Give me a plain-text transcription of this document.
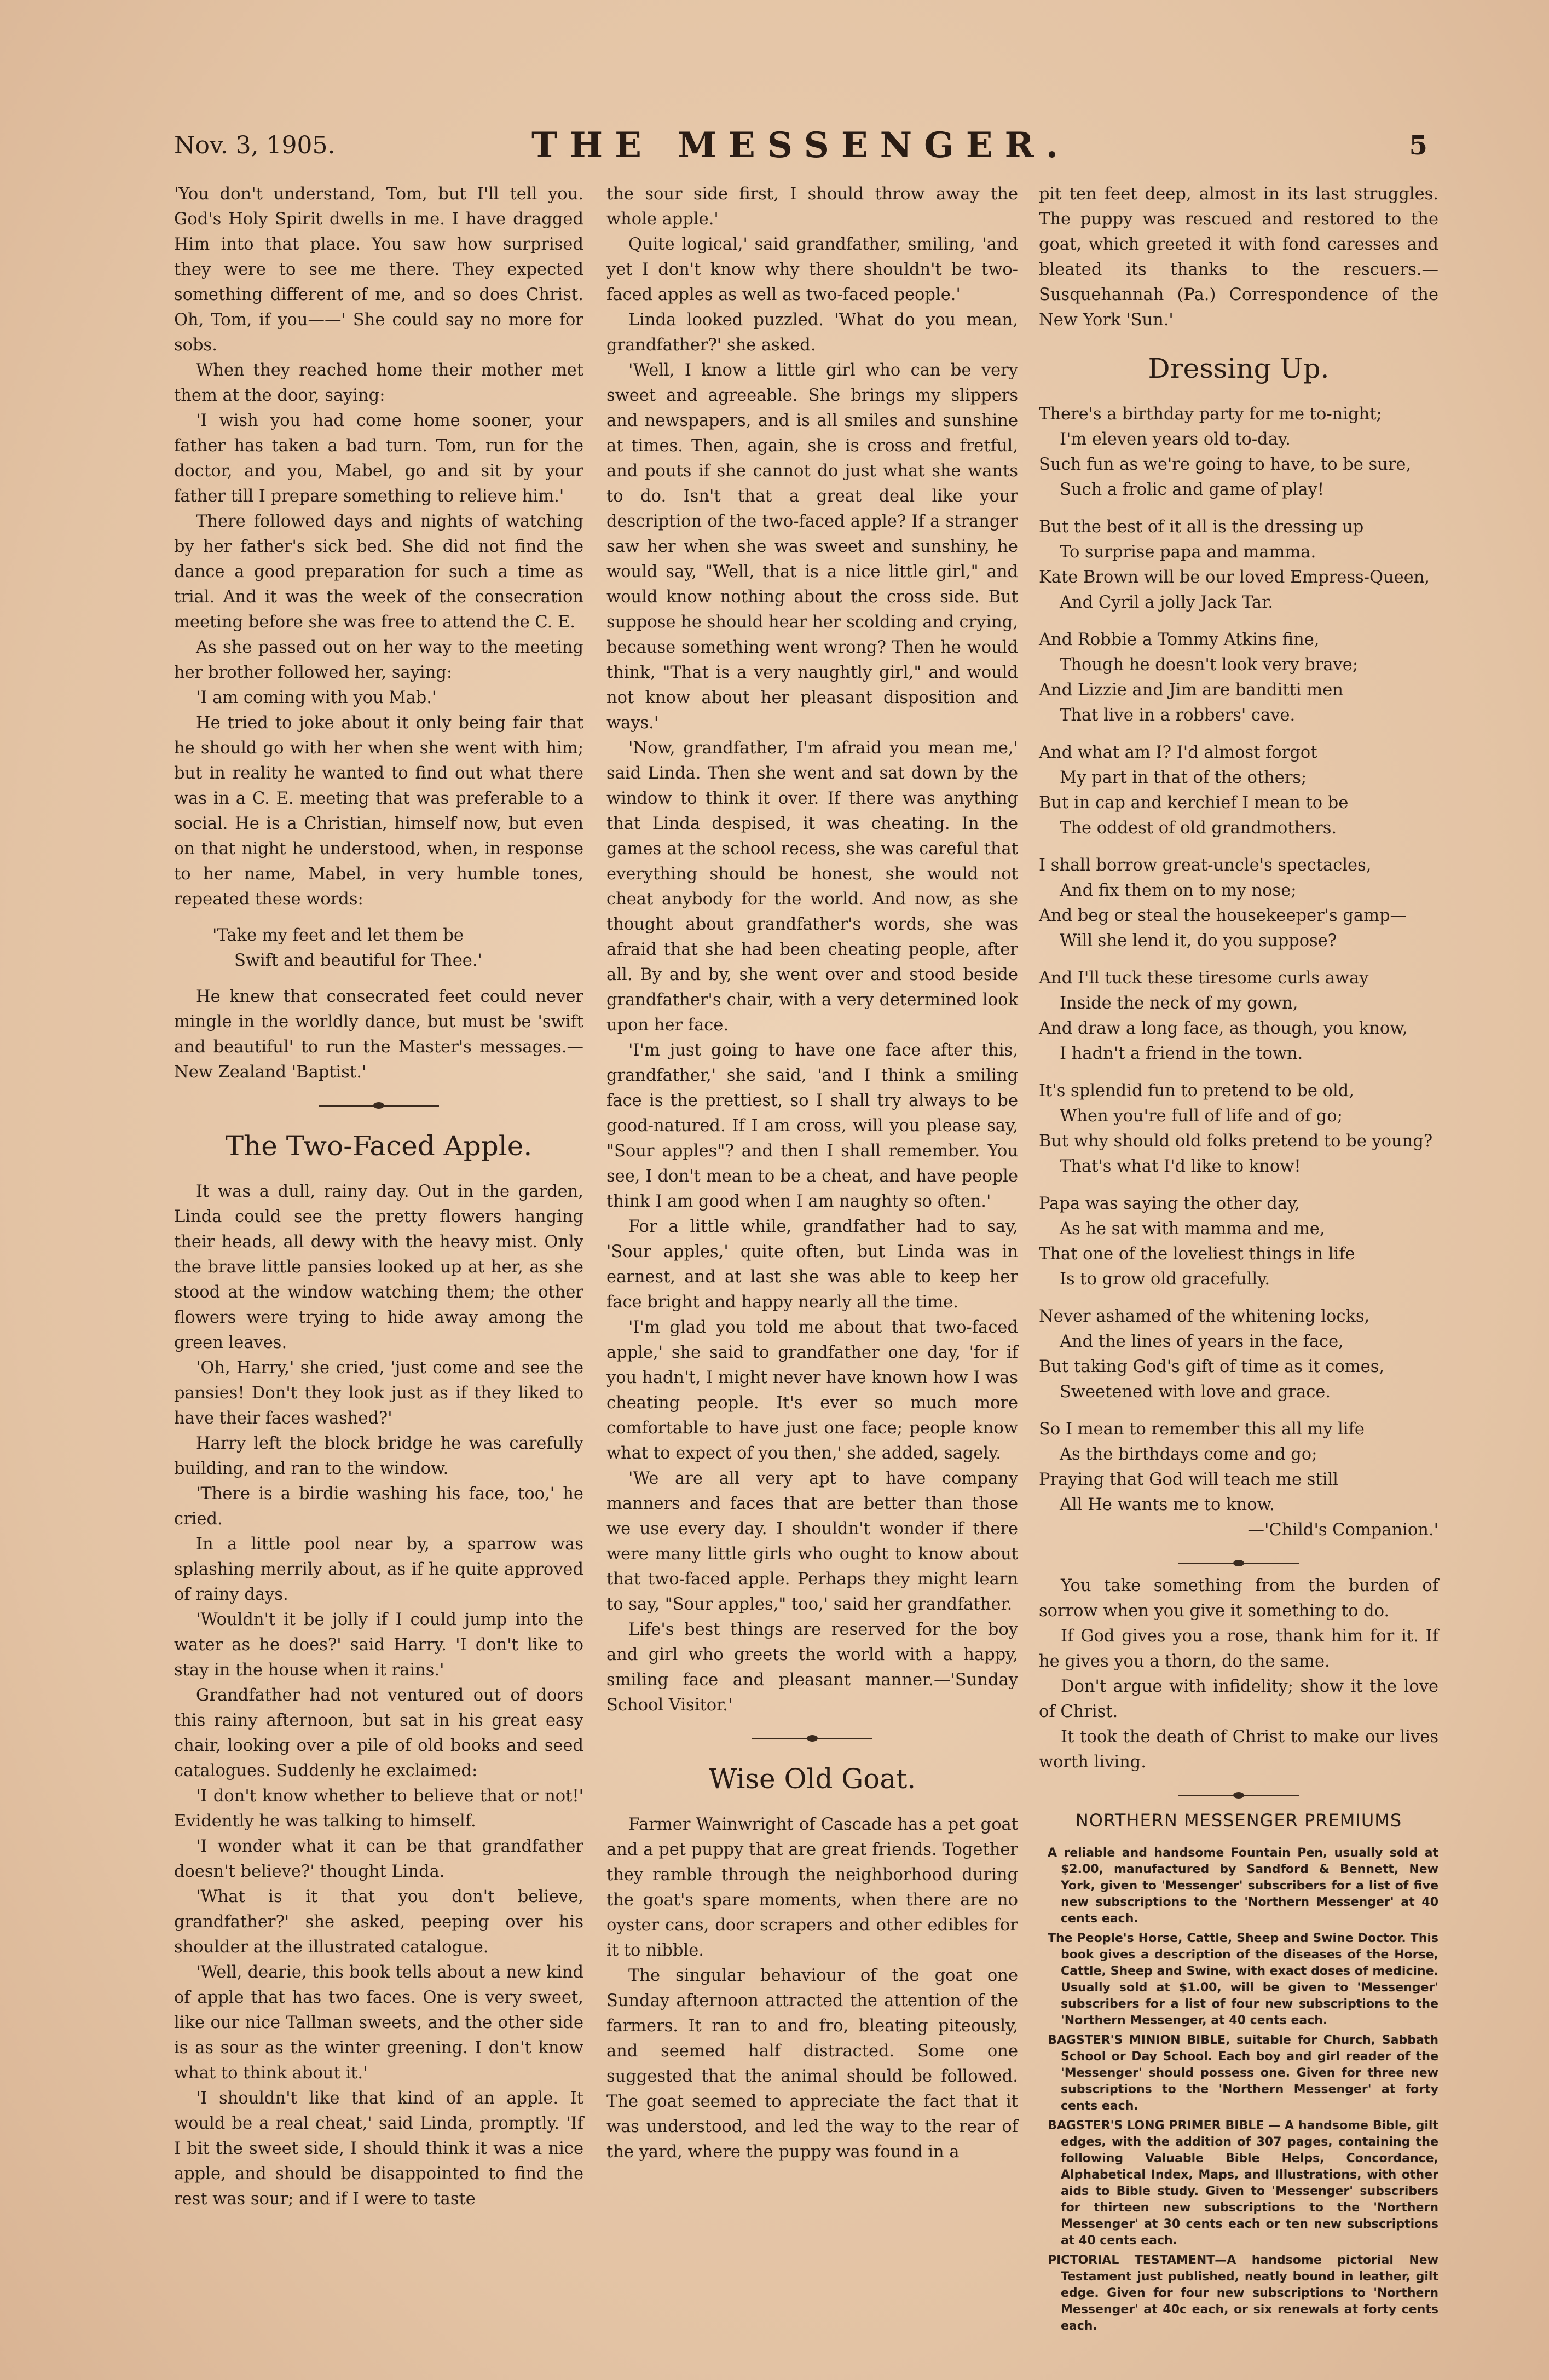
Nov. 3, 1905.	THE MESSENGER.	5

'You don't understand, Tom, but I'll tell you. God's Holy Spirit dwells in me. I have dragged Him into that place. You saw how surprised they were to see me there. They expected something different of me, and so does Christ. Oh, Tom, if you——' She could say no more for sobs.

When they reached home their mother met them at the door, saying:

'I wish you had come home sooner, your father has taken a bad turn. Tom, run for the doctor, and you, Mabel, go and sit by your father till I prepare something to relieve him.'

There followed days and nights of watching by her father's sick bed. She did not find the dance a good preparation for such a time as trial. And it was the week of the consecration meeting before she was free to attend the C. E.

As she passed out on her way to the meeting her brother followed her, saying:

'I am coming with you Mab.'

He tried to joke about it only being fair that he should go with her when she went with him; but in reality he wanted to find out what there was in a C. E. meeting that was preferable to a social. He is a Christian, himself now, but even on that night he understood, when, in response to her name, Mabel, in very humble tones, repeated these words:

'Take my feet and let them be
Swift and beautiful for Thee.'

He knew that consecrated feet could never mingle in the worldly dance, but must be 'swift and beautiful' to run the Master's messages.—New Zealand 'Baptist.'

The Two-Faced Apple.

It was a dull, rainy day. Out in the garden, Linda could see the pretty flowers hanging their heads, all dewy with the heavy mist. Only the brave little pansies looked up at her, as she stood at the window watching them; the other flowers were trying to hide away among the green leaves.

'Oh, Harry,' she cried, 'just come and see the pansies! Don't they look just as if they liked to have their faces washed?'

Harry left the block bridge he was carefully building, and ran to the window.

'There is a birdie washing his face, too,' he cried.

In a little pool near by, a sparrow was splashing merrily about, as if he quite approved of rainy days.

'Wouldn't it be jolly if I could jump into the water as he does?' said Harry. 'I don't like to stay in the house when it rains.'

Grandfather had not ventured out of doors this rainy afternoon, but sat in his great easy chair, looking over a pile of old books and seed catalogues. Suddenly he exclaimed:

'I don't know whether to believe that or not!' Evidently he was talking to himself.

'I wonder what it can be that grandfather doesn't believe?' thought Linda.

'What is it that you don't believe, grandfather?' she asked, peeping over his shoulder at the illustrated catalogue.

'Well, dearie, this book tells about a new kind of apple that has two faces. One is very sweet, like our nice Tallman sweets, and the other side is as sour as the winter greening. I don't know what to think about it.'

'I shouldn't like that kind of an apple. It would be a real cheat,' said Linda, promptly. 'If I bit the sweet side, I should think it was a nice apple, and should be disappointed to find the rest was sour; and if I were to taste

the sour side first, I should throw away the whole apple.'

Quite logical,' said grandfather, smiling, 'and yet I don't know why there shouldn't be two-faced apples as well as two-faced people.'

Linda looked puzzled. 'What do you mean, grandfather?' she asked.

'Well, I know a little girl who can be very sweet and agreeable. She brings my slippers and newspapers, and is all smiles and sunshine at times. Then, again, she is cross and fretful, and pouts if she cannot do just what she wants to do. Isn't that a great deal like your description of the two-faced apple? If a stranger saw her when she was sweet and sunshiny, he would say, "Well, that is a nice little girl," and would know nothing about the cross side. But suppose he should hear her scolding and crying, because something went wrong? Then he would think, "That is a very naughtly girl," and would not know about her pleasant disposition and ways.'

'Now, grandfather, I'm afraid you mean me,' said Linda. Then she went and sat down by the window to think it over. If there was anything that Linda despised, it was cheating. In the games at the school recess, she was careful that everything should be honest, she would not cheat anybody for the world. And now, as she thought about grandfather's words, she was afraid that she had been cheating people, after all. By and by, she went over and stood beside grandfather's chair, with a very determined look upon her face.

'I'm just going to have one face after this, grandfather,' she said, 'and I think a smiling face is the prettiest, so I shall try always to be good-natured. If I am cross, will you please say, "Sour apples"? and then I shall remember. You see, I don't mean to be a cheat, and have people think I am good when I am naughty so often.'

For a little while, grandfather had to say, 'Sour apples,' quite often, but Linda was in earnest, and at last she was able to keep her face bright and happy nearly all the time.

'I'm glad you told me about that two-faced apple,' she said to grandfather one day, 'for if you hadn't, I might never have known how I was cheating people. It's ever so much more comfortable to have just one face; people know what to expect of you then,' she added, sagely.

'We are all very apt to have company manners and faces that are better than those we use every day. I shouldn't wonder if there were many little girls who ought to know about that two-faced apple. Perhaps they might learn to say, "Sour apples," too,' said her grandfather.

Life's best things are reserved for the boy and girl who greets the world with a happy, smiling face and pleasant manner.—'Sunday School Visitor.'

Wise Old Goat.

Farmer Wainwright of Cascade has a pet goat and a pet puppy that are great friends. Together they ramble through the neighborhood during the goat's spare moments, when there are no oyster cans, door scrapers and other edibles for it to nibble.

The singular behaviour of the goat one Sunday afternoon attracted the attention of the farmers. It ran to and fro, bleating piteously, and seemed half distracted. Some one suggested that the animal should be followed. The goat seemed to appreciate the fact that it was understood, and led the way to the rear of the yard, where the puppy was found in a

pit ten feet deep, almost in its last struggles. The puppy was rescued and restored to the goat, which greeted it with fond caresses and bleated its thanks to the rescuers.—Susquehannah (Pa.) Correspondence of the New York 'Sun.'

Dressing Up.
There's a birthday party for me to-night;
I'm eleven years old to-day.
Such fun as we're going to have, to be sure,
Such a frolic and game of play!
But the best of it all is the dressing up
To surprise papa and mamma.
Kate Brown will be our loved Empress-Queen,
And Cyril a jolly Jack Tar.
And Robbie a Tommy Atkins fine,
Though he doesn't look very brave;
And Lizzie and Jim are banditti men
That live in a robbers' cave.
And what am I? I'd almost forgot
My part in that of the others;
But in cap and kerchief I mean to be
The oddest of old grandmothers.
I shall borrow great-uncle's spectacles,
And fix them on to my nose;
And beg or steal the housekeeper's gamp—
Will she lend it, do you suppose?
And I'll tuck these tiresome curls away
Inside the neck of my gown,
And draw a long face, as though, you know,
I hadn't a friend in the town.
It's splendid fun to pretend to be old,
When you're full of life and of go;
But why should old folks pretend to be young?
That's what I'd like to know!
Papa was saying the other day,
As he sat with mamma and me,
That one of the loveliest things in life
Is to grow old gracefully.
Never ashamed of the whitening locks,
And the lines of years in the face,
But taking God's gift of time as it comes,
Sweetened with love and grace.
So I mean to remember this all my life
As the birthdays come and go;
Praying that God will teach me still
All He wants me to know.
—'Child's Companion.'

You take something from the burden of sorrow when you give it something to do.

If God gives you a rose, thank him for it. If he gives you a thorn, do the same.

Don't argue with infidelity; show it the love of Christ.

It took the death of Christ to make our lives worth living.

NORTHERN MESSENGER PREMIUMS
A reliable and handsome Fountain Pen, usually sold at $2.00, manufactured by Sandford & Bennett, New York, given to 'Messenger' subscribers for a list of five new subscriptions to the 'Northern Messenger' at 40 cents each.
The People's Horse, Cattle, Sheep and Swine Doctor. This book gives a description of the diseases of the Horse, Cattle, Sheep and Swine, with exact doses of medicine. Usually sold at $1.00, will be given to 'Messenger' subscribers for a list of four new subscriptions to the 'Northern Messenger, at 40 cents each.
BAGSTER'S MINION BIBLE, suitable for Church, Sabbath School or Day School. Each boy and girl reader of the 'Messenger' should possess one. Given for three new subscriptions to the 'Northern Messenger' at forty cents each.
BAGSTER'S LONG PRIMER BIBLE — A handsome Bible, gilt edges, with the addition of 307 pages, containing the following Valuable Bible Helps, Concordance, Alphabetical Index, Maps, and Illustrations, with other aids to Bible study. Given to 'Messenger' subscribers for thirteen new subscriptions to the 'Northern Messenger' at 30 cents each or ten new subscriptions at 40 cents each.
PICTORIAL TESTAMENT—A handsome pictorial New Testament just published, neatly bound in leather, gilt edge. Given for four new subscriptions to 'Northern Messenger' at 40c each, or six renewals at forty cents each.
